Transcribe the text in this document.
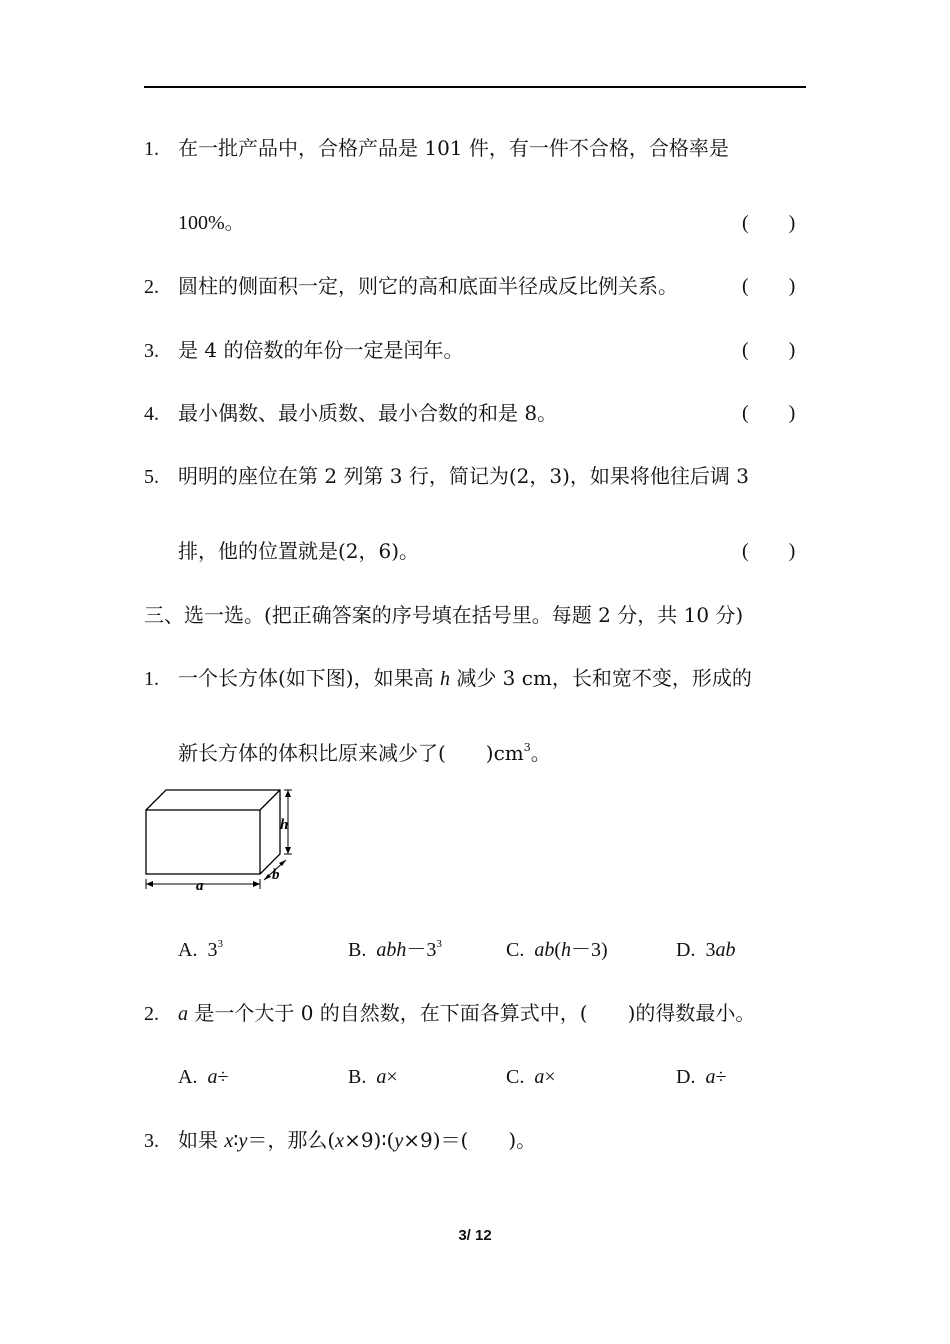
1. 在一批产品中，合格产品是 101 件，有一件不合格，合格率是
100%。	(　　)
2. 圆柱的侧面积一定，则它的高和底面半径成反比例关系。	(　　)
3. 是 4 的倍数的年份一定是闰年。	(　　)
4. 最小偶数、最小质数、最小合数的和是 8。	(　　)
5. 明明的座位在第 2 列第 3 行，简记为(2，3)，如果将他往后调 3
排，他的位置就是(2，6)。	(　　)
三、选一选。(把正确答案的序号填在括号里。每题 2 分，共 10 分)
1. 一个长方体(如下图)，如果高 h 减少 3 cm，长和宽不变，形成的
新长方体的体积比原来减少了(　　)$cm^3$。
h
a
b
A. $3^3$	B. $abh-3^3$	C. ab(h－3)	D. 3ab
2. a 是一个大于 0 的自然数，在下面各算式中，(　　)的得数最小。
A. a÷	B. a×	C. a×	D. a÷
3. 如果 x∶y＝，那么(x×9)∶(y×9)＝(　　)。
3/ 12
